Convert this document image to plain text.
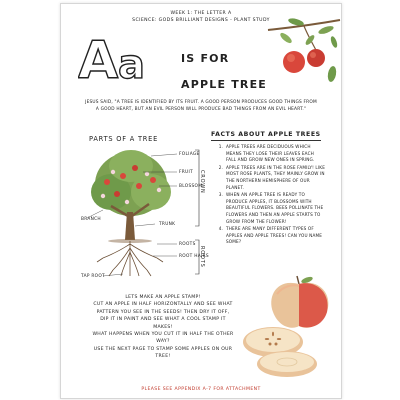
WEEK 1: THE LETTER A
SCIENCE: GODS BRILLIANT DESIGNS - PLANT STUDY
A a	IS FOR
APPLE TREE
JESUS SAID, "A TREE IS IDENTIFIED BY ITS FRUIT. A GOOD PERSON PRODUCES GOOD THINGS FROM
A GOOD HEART, BUT AN EVIL PERSON WILL PRODUCE BAD THINGS FROM AN EVIL HEART."
PARTS OF A TREE
FOLIAGE
FRUIT
BLOSSOM
BRANCH
TRUNK
ROOTS
ROOT HAIRS
TAP ROOT
CROWN
ROOTS
FACTS ABOUT APPLE TREES
1. APPLE TREES ARE DECIDUOUS WHICH MEANS THEY LOSE THEIR LEAVES EACH FALL AND GROW NEW ONES IN SPRING.
2. APPLE TREES ARE IN THE ROSE FAMILY! LIKE MOST ROSE PLANTS, THEY MAINLY GROW IN THE NORTHERN HEMISPHERE OF OUR PLANET.
3. WHEN AN APPLE TREE IS READY TO PRODUCE APPLES, IT BLOSSOMS WITH BEAUTIFUL FLOWERS. BEES POLLINATE THE FLOWERS AND THEN AN APPLE STARTS TO GROW FROM THE FLOWER!
4. THERE ARE MANY DIFFERENT TYPES OF APPLES AND APPLE TREES! CAN YOU NAME SOME?
LETS MAKE AN APPLE STAMP!
CUT AN APPLE IN HALF HORIZONTALLY AND SEE WHAT
PATTERN YOU SEE IN THE SEEDS! THEN DRY IT OFF,
DIP IT IN PAINT AND SEE WHAT A COOL STAMP IT
MAKES!
WHAT HAPPENS WHEN YOU CUT IT IN HALF THE OTHER
WAY?
USE THE NEXT PAGE TO STAMP SOME APPLES ON OUR
TREE!
PLEASE SEE APPENDIX A-7 FOR ATTACHMENT
